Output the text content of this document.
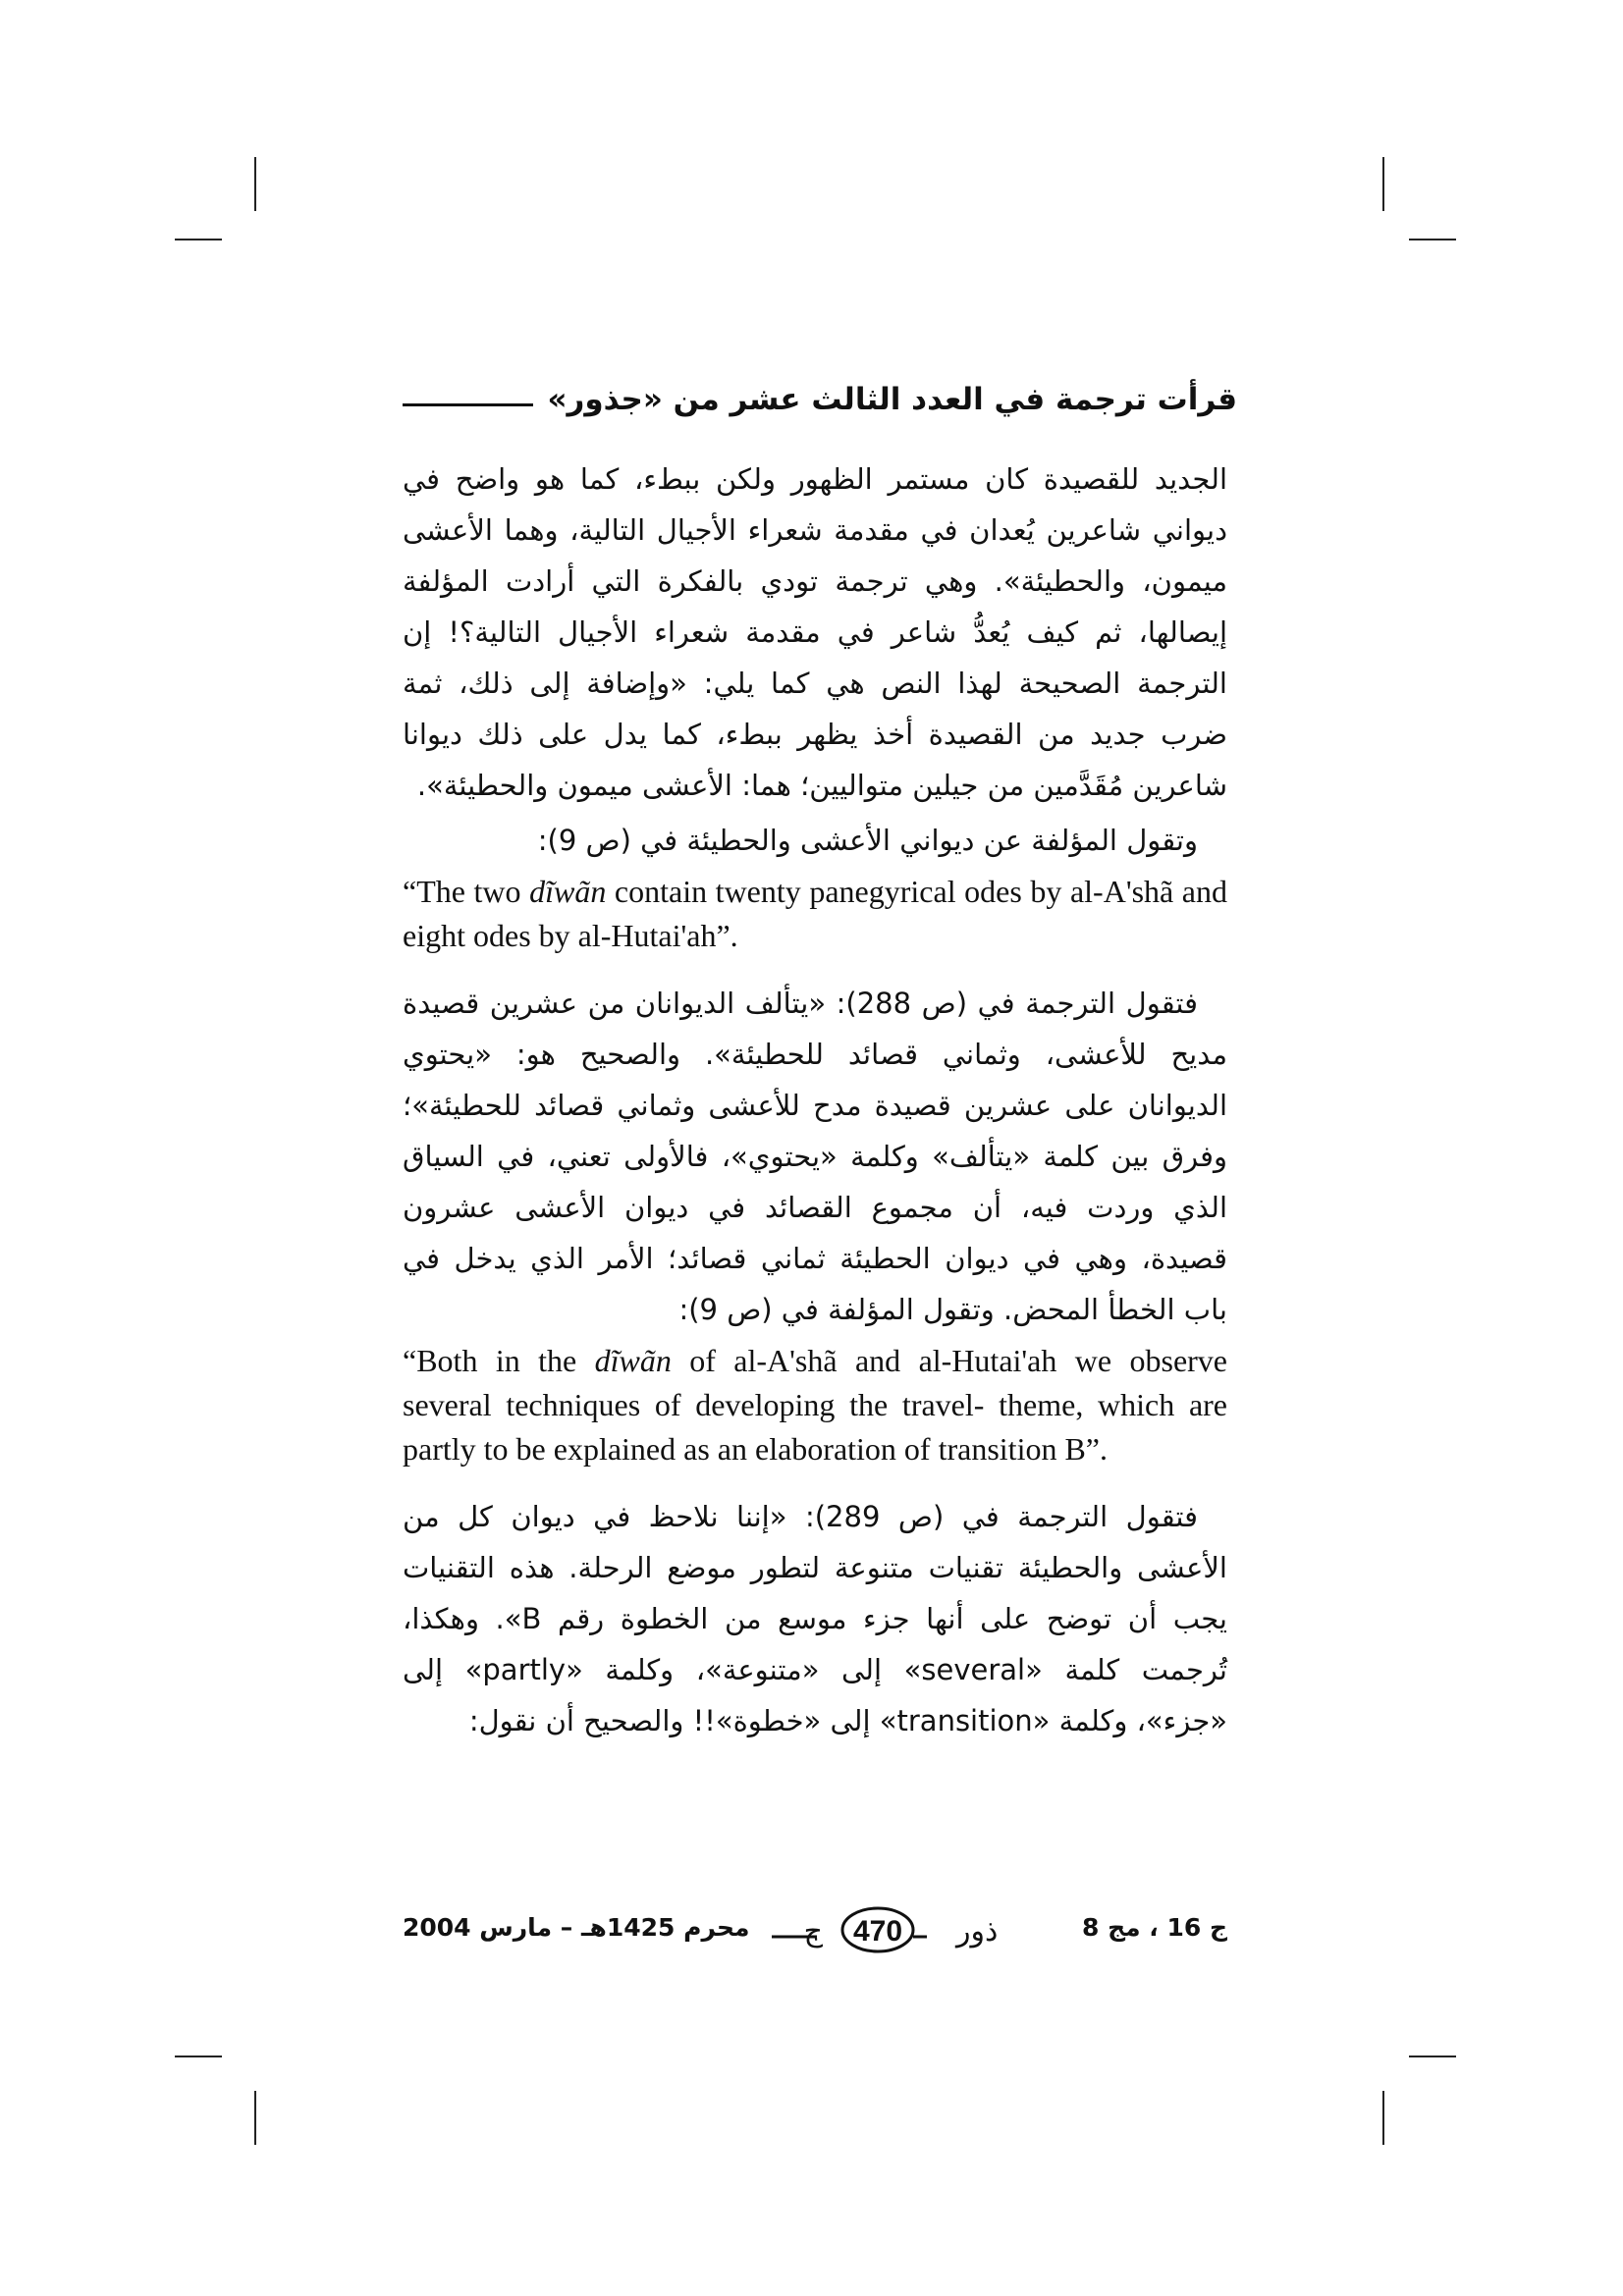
قرأت ترجمة في العدد الثالث عشر من «جذور»

الجديد للقصيدة كان مستمر الظهور ولكن ببطء، كما هو واضح في ديواني شاعرين يُعدان في مقدمة شعراء الأجيال التالية، وهما الأعشى ميمون، والحطيئة». وهي ترجمة تودي بالفكرة التي أرادت المؤلفة إيصالها، ثم كيف يُعدُّ شاعر في مقدمة شعراء الأجيال التالية؟! إن الترجمة الصحيحة لهذا النص هي كما يلي: «وإضافة إلى ذلك، ثمة ضرب جديد من القصيدة أخذ يظهر ببطء، كما يدل على ذلك ديوانا شاعرين مُقَدَّمين من جيلين متواليين؛ هما: الأعشى ميمون والحطيئة».

وتقول المؤلفة عن ديواني الأعشى والحطيئة في (ص 9):

“The two dĩwãn contain twenty panegyrical odes by al-A'shã and eight odes by al-Hutai'ah”.

فتقول الترجمة في (ص 288): «يتألف الديوانان من عشرين قصيدة مديح للأعشى، وثماني قصائد للحطيئة». والصحيح هو: «يحتوي الديوانان على عشرين قصيدة مدح للأعشى وثماني قصائد للحطيئة»؛ وفرق بين كلمة «يتألف» وكلمة «يحتوي»، فالأولى تعني، في السياق الذي وردت فيه، أن مجموع القصائد في ديوان الأعشى عشرون قصيدة، وهي في ديوان الحطيئة ثماني قصائد؛ الأمر الذي يدخل في باب الخطأ المحض. وتقول المؤلفة في (ص 9):

“Both in the dĩwãn of al-A'shã and al-Hutai'ah we observe several techniques of developing the travel- theme, which are partly to be explained as an elaboration of transition B”.

فتقول الترجمة في (ص 289): «إننا نلاحظ في ديوان كل من الأعشى والحطيئة تقنيات متنوعة لتطور موضع الرحلة. هذه التقنيات يجب أن توضح على أنها جزء موسع من الخطوة رقم B». وهكذا، تُرجمت كلمة «several» إلى «متنوعة»، وكلمة «partly» إلى «جزء»، وكلمة «transition» إلى «خطوة»!! والصحيح أن نقول:

ج 16 ، مج 8
ج 470 ذور
محرم 1425هـ – مارس 2004
